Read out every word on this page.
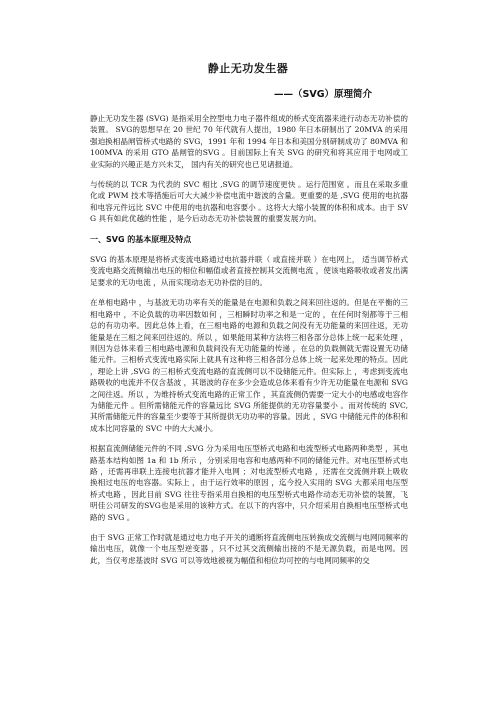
静止无功发生器
——（SVG）原理简介

静止无功发生器 (SVG) 是指采用全控型电力电子器件组成的桥式变流器来进行动态无功补偿的装置。 SVG的思想早在 20 世纪 70 年代就有人提出，1980 年日本研制出了 20MVA 的采用强迫换相晶闸管桥式电路的 SVG，1991 年和 1994 年日本和美国分别研制成功了 80MVA 和 100MVA 的采用 GTO 晶闸管的SVG 。目前国际上有关 SVG 的研究和将其应用于电网或工业实际的兴趣正是方兴未艾， 国内有关的研究也已见诸报道。

与传统的以 TCR 为代表的 SVC 相比 ,SVG 的调节速度更快 。运行范围宽 。而且在采取多重化或 PWM 技术等措施后可大大减少补偿电流中谐波的含量。更重要的是 ,SVG 使用的电抗器和电容元件远比 SVC 中使用的电抗器和电容要小 。这将大大缩小装置的体积和成本。由于 SVG 具有如此优越的性能 ，是今后动态无功补偿装置的重要发展方向。

一、SVG 的基本原理及特点

SVG 的基本原理是将桥式变流电路通过电抗器并联（ 或直接并联 ）在电网上， 适当调节桥式变流电路交流侧输出电压的相位和幅值或者直接控制其交流侧电流 ，使该电路吸收或者发出满足要求的无功电流 ，从而实现动态无功补偿的目的。

在单相电路中 ，与基波无功功率有关的能量是在电源和负载之间来回往返的。但是在平衡的三相电路中 ，不论负载的功率因数如何 ，三相瞬时功率之和是一定的 ，在任何时刻都等于三相总的有功功率。因此总体上看，在三相电路的电源和负载之间没有无功能量的来回往返，无功能量是在三相之间来回往返的。所以 ，如果能用某种方法将三相各部分总体上统一起来处理 ，则因为总体来看三相电路电源和负载间没有无功能量的传递 ，在总的负载侧就无需设置无功储能元件。三相桥式变流电路实际上就具有这种将三相各部分总体上统一起来处理的特点。因此 ，理论上讲 ,SVG 的三相桥式变流电路的直流侧可以不设储能元件。但实际上 ，考虑到变流电路吸收的电流并不仅含基波 ，其谐波的存在多少会造成总体来看有少许无功能量在电源和 SVG 之间往返。所以 ，为维持桥式变流电路的正常工作 ，其直流侧仍需要一定大小的电感或电容作为储能元件 。但所需储能元件的容量远比 SVG 所能提供的无功容量要小 。而对传统的 SVC, 其所需储能元件的容量至少要等于其所提供无功功率的容量。因此 ，SVG 中储能元件的体积和成本比同容量的 SVC 中的大大减小。

根据直流侧储能元件的不同 ,SVG 分为采用电压型桥式电路和电流型桥式电路两种类型 ，其电路基本结构如图 1a 和 1b 所示 ，分别采用电容和电感两种不同的储能元件。对电压型桥式电路 ，还需再串联上连接电抗器才能并入电网 ；对电流型桥式电路 ，还需在交流侧并联上吸收换相过电压的电容器。实际上 ，由于运行效率的原因 ，迄今投入实用的 SVG 大都采用电压型桥式电路 ，因此目前 SVG 往往专指采用自换相的电压型桥式电路作动态无功补偿的装置，飞明佳公司研发的SVG也是采用的该种方式。在以下的内容中，只介绍采用自换相电压型桥式电路的 SVG 。

由于 SVG 正常工作时就是通过电力电子开关的通断将直流侧电压转换成交流侧与电网同频率的输出电压，就像一个电压型逆变器 ，只不过其交流侧输出接的不是无源负载，而是电网。因此，当仅考虑基波时 SVG 可以等效地被视为幅值和相位均可控的与电网同频率的交
